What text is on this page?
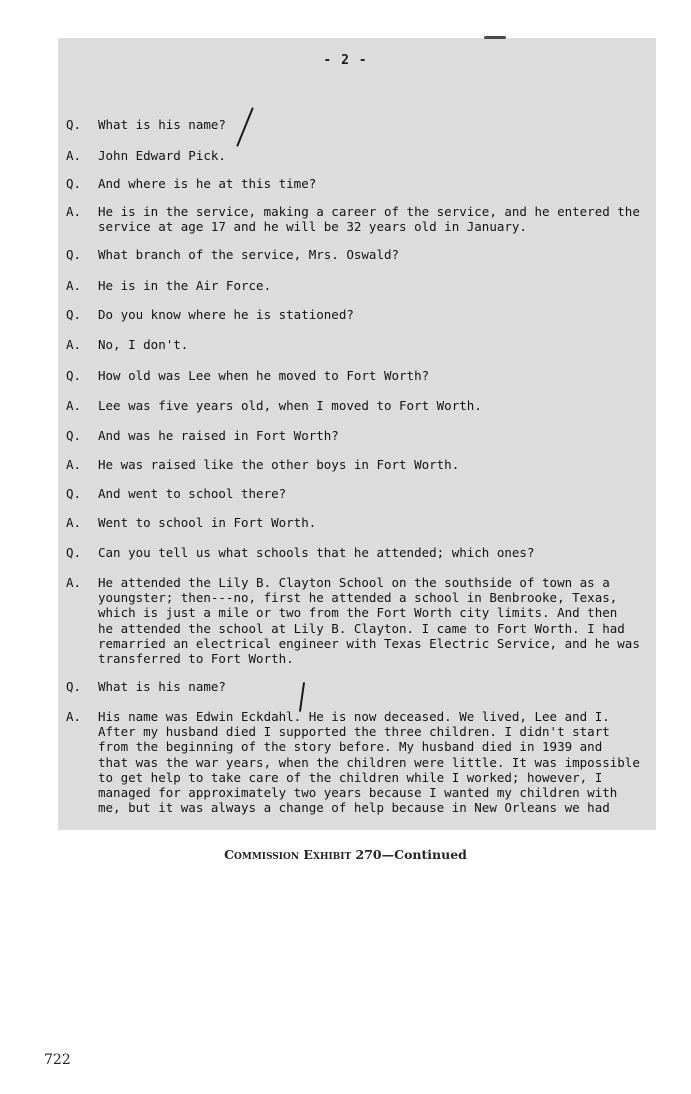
- 2 -
Q.	What is his name?
A.	John Edward Pick.
Q.	And where is he at this time?
A.	He is in the service, making a career of the service, and he entered the
service at age 17 and he will be 32 years old in January.
Q.	What branch of the service, Mrs. Oswald?
A.	He is in the Air Force.
Q.	Do you know where he is stationed?
A.	No, I don't.
Q.	How old was Lee when he moved to Fort Worth?
A.	Lee was five years old, when I moved to Fort Worth.
Q.	And was he raised in Fort Worth?
A.	He was raised like the other boys in Fort Worth.
Q.	And went to school there?
A.	Went to school in Fort Worth.
Q.	Can you tell us what schools that he attended; which ones?
A.	He attended the Lily B. Clayton School on the southside of town as a
youngster; then---no, first he attended a school in Benbrooke, Texas,
which is just a mile or two from the Fort Worth city limits. And then
he attended the school at Lily B. Clayton. I came to Fort Worth. I had
remarried an electrical engineer with Texas Electric Service, and he was
transferred to Fort Worth.
Q.	What is his name?
A.	His name was Edwin Eckdahl. He is now deceased. We lived, Lee and I.
After my husband died I supported the three children. I didn't start
from the beginning of the story before. My husband died in 1939 and
that was the war years, when the children were little. It was impossible
to get help to take care of the children while I worked; however, I
managed for approximately two years because I wanted my children with
me, but it was always a change of help because in New Orleans we had
Commission Exhibit 270—Continued
722
